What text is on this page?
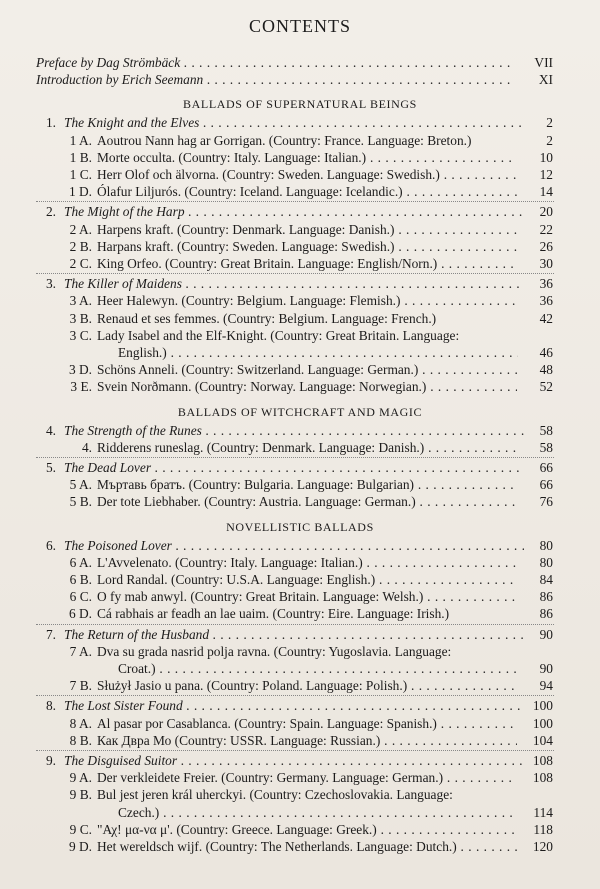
CONTENTS
Preface by Dag Strömbäck . . .	VII
Introduction by Erich Seemann . . .	XI
BALLADS OF SUPERNATURAL BEINGS
1. The Knight and the Elves . . .	2
1 A. Aoutrou Nann hag ar Gorrigan. (Country: France. Language: Breton.)	2
1 B. Morte occulta. (Country: Italy. Language: Italian.) . . .	10
1 C. Herr Olof och älvorna. (Country: Sweden. Language: Swedish.) . . .	12
1 D. Ólafur Liljurós. (Country: Iceland. Language: Icelandic.) . . .	14
2. The Might of the Harp . . .	20
2 A. Harpens kraft. (Country: Denmark. Language: Danish.) . . .	22
2 B. Harpans kraft. (Country: Sweden. Language: Swedish.) . . .	26
2 C. King Orfeo. (Country: Great Britain. Language: English/Norn.) . . .	30
3. The Killer of Maidens . . .	36
3 A. Heer Halewyn. (Country: Belgium. Language: Flemish.) . . .	36
3 B. Renaud et ses femmes. (Country: Belgium. Language: French.)	42
3 C. Lady Isabel and the Elf-Knight. (Country: Great Britain. Language:
English.) . . .	46
3 D. Schöns Anneli. (Country: Switzerland. Language: German.) . . .	48
3 E. Svein Norðmann. (Country: Norway. Language: Norwegian.) . . .	52
BALLADS OF WITCHCRAFT AND MAGIC
4. The Strength of the Runes . . .	58
4. Ridderens runeslag. (Country: Denmark. Language: Danish.) . . .	58
5. The Dead Lover . . .	66
5 A. Мъртавь братъ. (Country: Bulgaria. Language: Bulgarian) . . .	66
5 B. Der tote Liebhaber. (Country: Austria. Language: German.) . . .	76
NOVELLISTIC BALLADS
6. The Poisoned Lover . . .	80
6 A. L'Avvelenato. (Country: Italy. Language: Italian.) . . .	80
6 B. Lord Randal. (Country: U.S.A. Language: English.) . . .	84
6 C. O fy mab anwyl. (Country: Great Britain. Language: Welsh.) . . .	86
6 D. Cá rabhais ar feadh an lae uaim. (Country: Eire. Language: Irish.)	86
7. The Return of the Husband . . .	90
7 A. Dva su grada nasrid polja ravna. (Country: Yugoslavia. Language:
Croat.) . . .	90
7 B. Służył Jasio u pana. (Country: Poland. Language: Polish.) . . .	94
8. The Lost Sister Found . . .	100
8 A. Al pasar por Casablanca. (Country: Spain. Language: Spanish.) . . .	100
8 B. Как Двра Мо (Country: USSR. Language: Russian.) . . .	104
9. The Disguised Suitor . . .	108
9 A. Der verkleidete Freier. (Country: Germany. Language: German.) . . .	108
9 B. Bul jest jeren král uherckyi. (Country: Czechoslovakia. Language:
Czech.) . . .	114
9 C. "Αχ! μα-να μ'. (Country: Greece. Language: Greek.) . . .	118
9 D. Het wereldsch wijf. (Country: The Netherlands. Language: Dutch.) . . .	120
